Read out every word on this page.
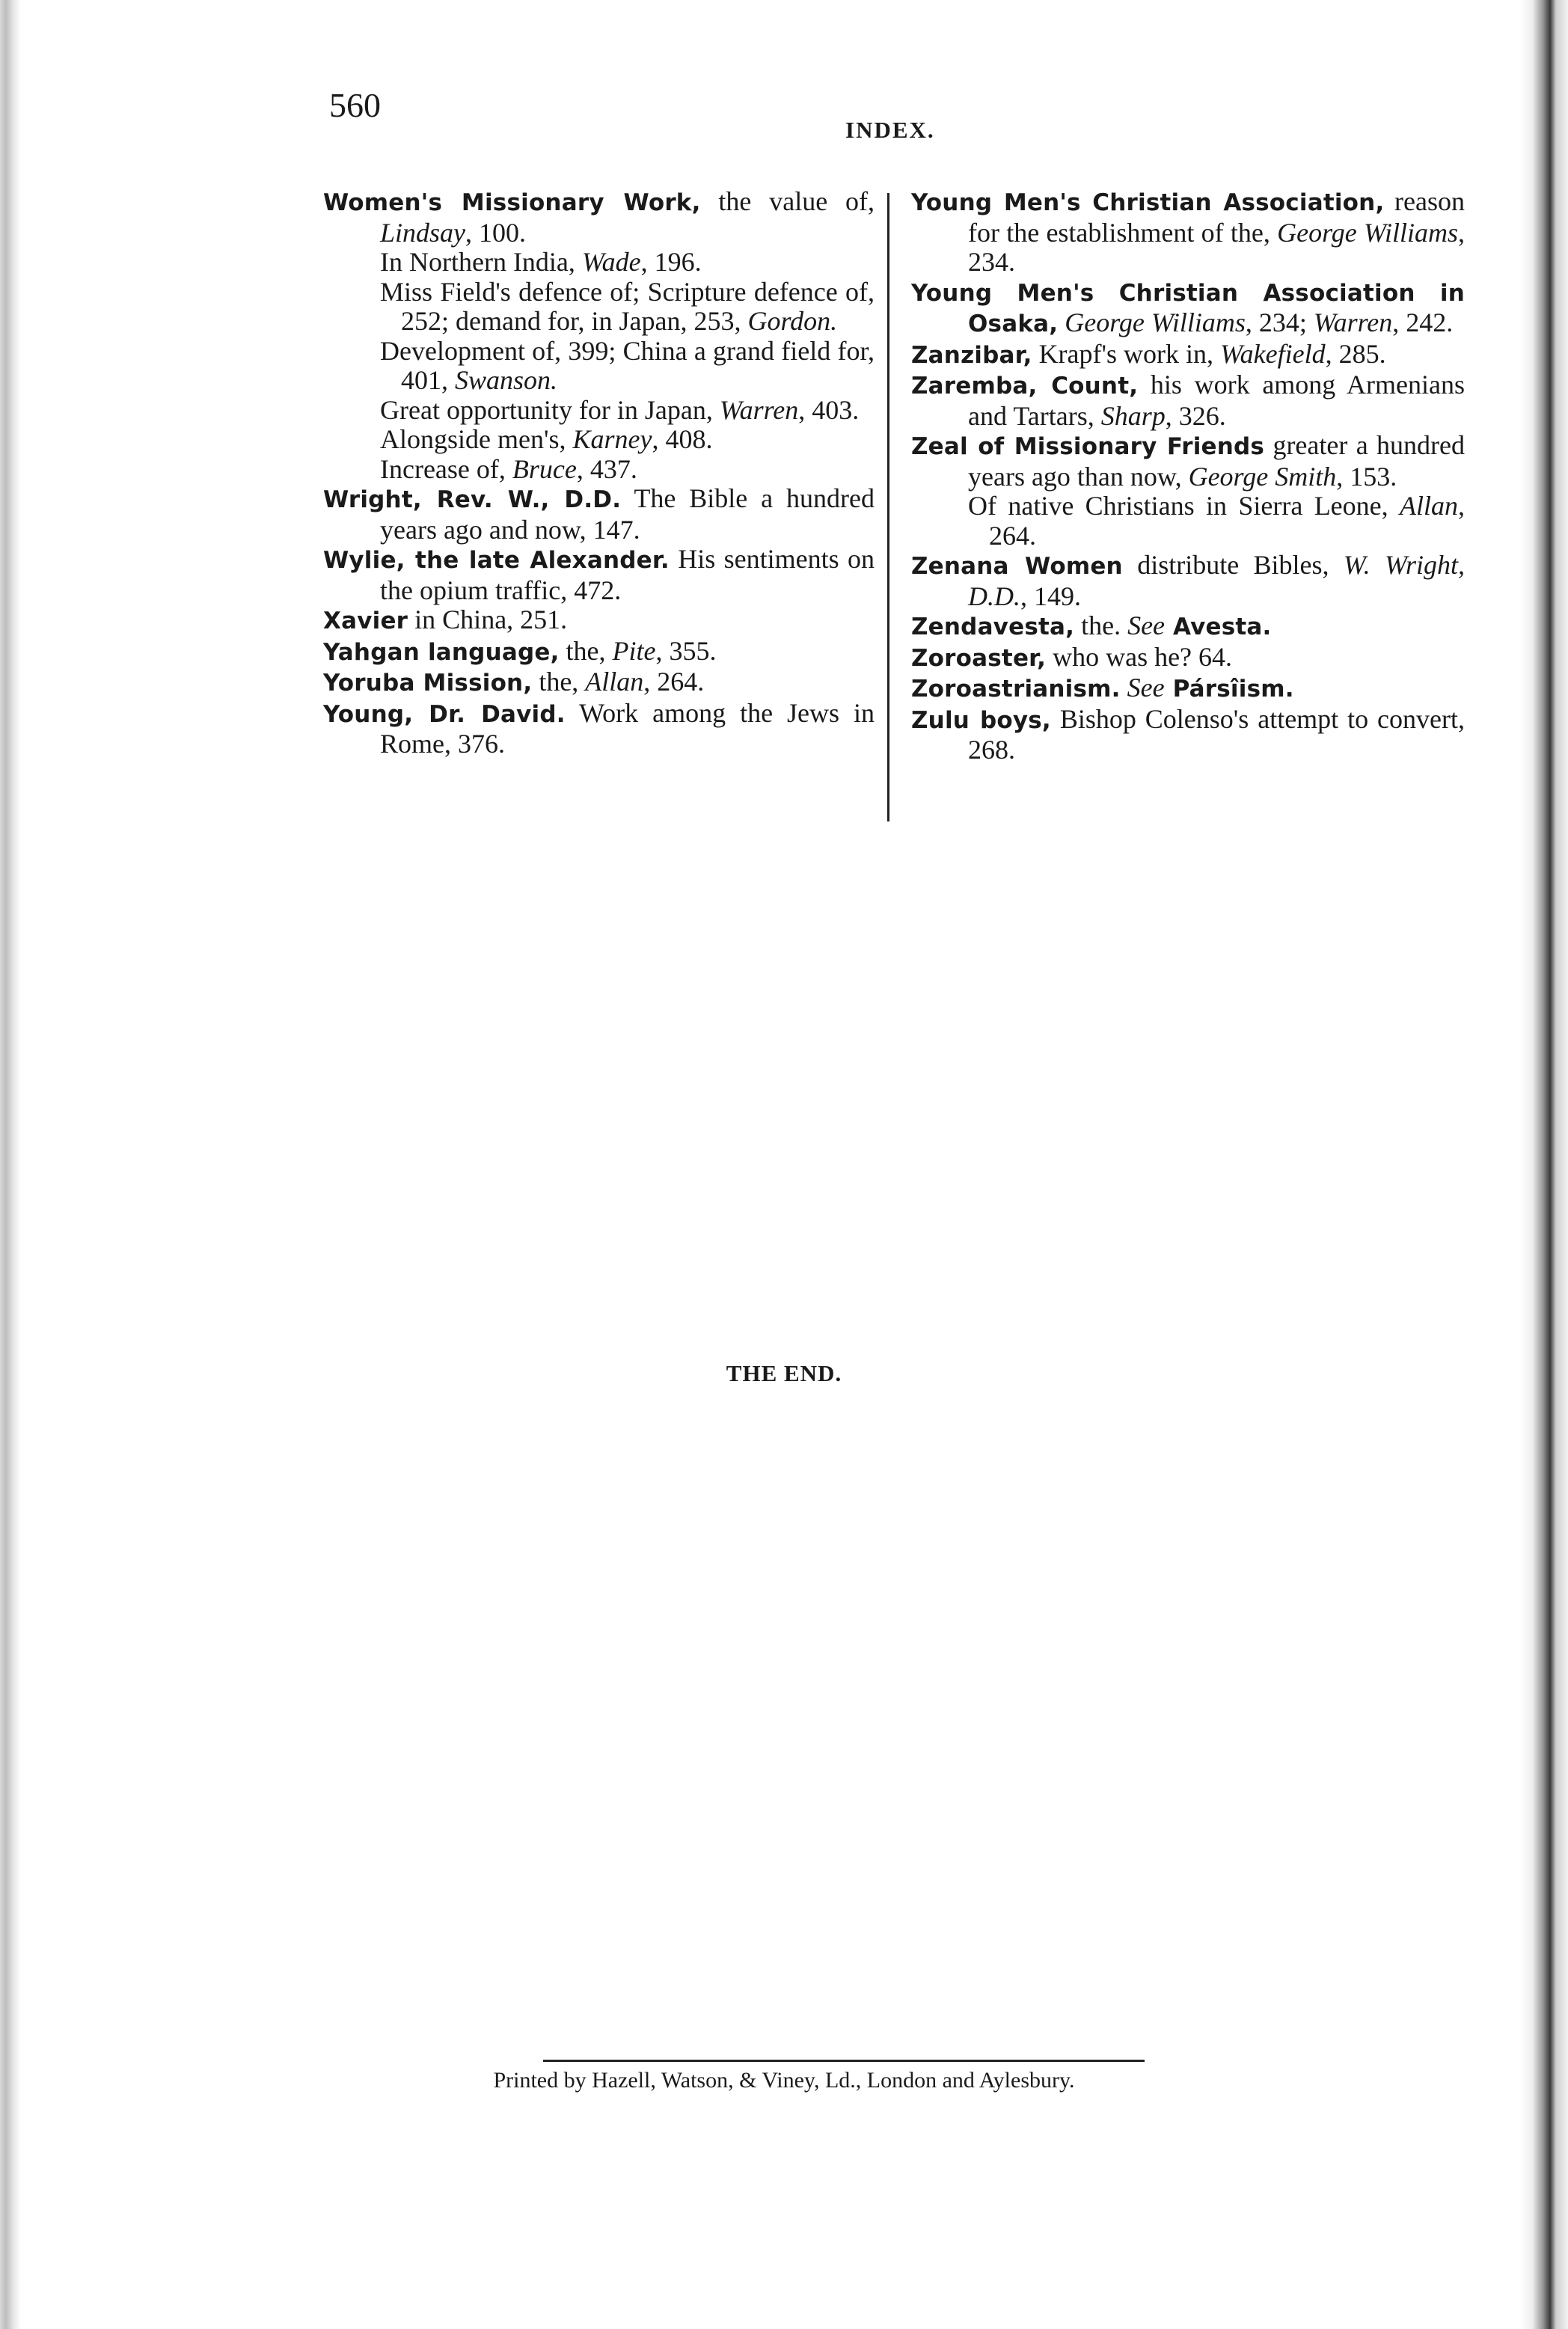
560
INDEX.
Women's Missionary Work, the value of, Lindsay, 100.
In Northern India, Wade, 196.
Miss Field's defence of; Scripture defence of, 252; demand for, in Japan, 253, Gordon.
Development of, 399; China a grand field for, 401, Swanson.
Great opportunity for in Japan, Warren, 403.
Alongside men's, Karney, 408.
Increase of, Bruce, 437.
Wright, Rev. W., D.D. The Bible a hundred years ago and now, 147.
Wylie, the late Alexander. His sentiments on the opium traffic, 472.
Xavier in China, 251.
Yahgan language, the, Pite, 355.
Yoruba Mission, the, Allan, 264.
Young, Dr. David. Work among the Jews in Rome, 376.
Young Men's Christian Association, reason for the establishment of the, George Williams, 234.
Young Men's Christian Association in Osaka, George Williams, 234; Warren, 242.
Zanzibar, Krapf's work in, Wakefield, 285.
Zaremba, Count, his work among Armenians and Tartars, Sharp, 326.
Zeal of Missionary Friends greater a hundred years ago than now, George Smith, 153.
Of native Christians in Sierra Leone, Allan, 264.
Zenana Women distribute Bibles, W. Wright, D.D., 149.
Zendavesta, the. See Avesta.
Zoroaster, who was he? 64.
Zoroastrianism. See Pársîism.
Zulu boys, Bishop Colenso's attempt to convert, 268.
THE END.
Printed by Hazell, Watson, & Viney, Ld., London and Aylesbury.
